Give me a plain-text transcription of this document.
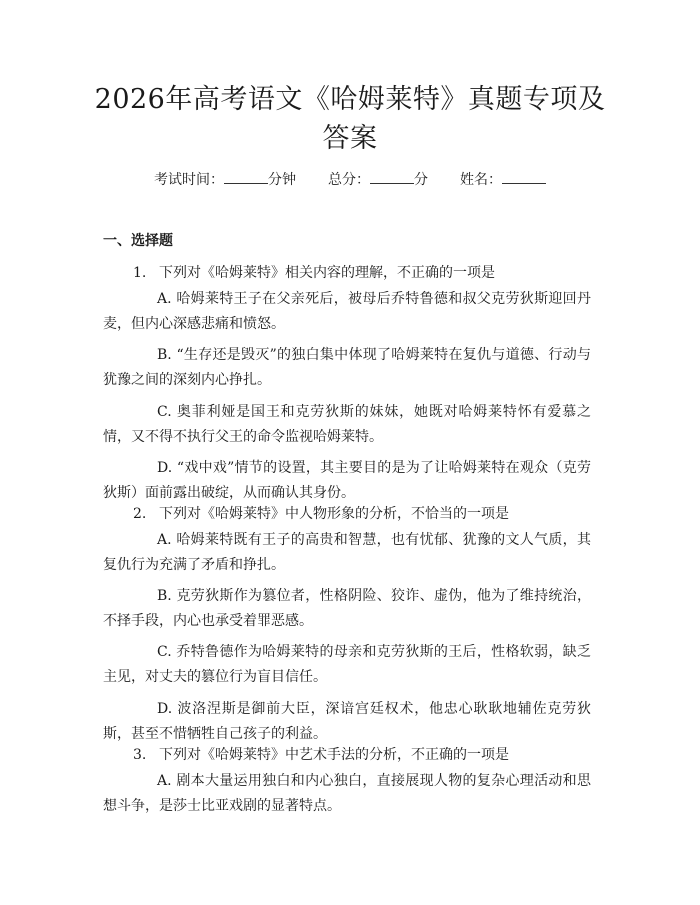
2026年高考语文《哈姆莱特》真题专项及答案
考试时间：	分钟 总分：	分 姓名：
一、选择题
1. 下列对《哈姆莱特》相关内容的理解，不正确的一项是
A. 哈姆莱特王子在父亲死后，被母后乔特鲁德和叔父克劳狄斯迎回丹麦，但内心深感悲痛和愤怒。
B. “生存还是毁灭”的独白集中体现了哈姆莱特在复仇与道德、行动与犹豫之间的深刻内心挣扎。
C. 奥菲利娅是国王和克劳狄斯的妹妹，她既对哈姆莱特怀有爱慕之情，又不得不执行父王的命令监视哈姆莱特。
D. “戏中戏”情节的设置，其主要目的是为了让哈姆莱特在观众（克劳狄斯）面前露出破绽，从而确认其身份。
2. 下列对《哈姆莱特》中人物形象的分析，不恰当的一项是
A. 哈姆莱特既有王子的高贵和智慧，也有忧郁、犹豫的文人气质，其复仇行为充满了矛盾和挣扎。
B. 克劳狄斯作为篡位者，性格阴险、狡诈、虚伪，他为了维持统治，不择手段，内心也承受着罪恶感。
C. 乔特鲁德作为哈姆莱特的母亲和克劳狄斯的王后，性格软弱，缺乏主见，对丈夫的篡位行为盲目信任。
D. 波洛涅斯是御前大臣，深谙宫廷权术，他忠心耿耿地辅佐克劳狄斯，甚至不惜牺牲自己孩子的利益。
3. 下列对《哈姆莱特》中艺术手法的分析，不正确的一项是
A. 剧本大量运用独白和内心独白，直接展现人物的复杂心理活动和思想斗争，是莎士比亚戏剧的显著特点。
